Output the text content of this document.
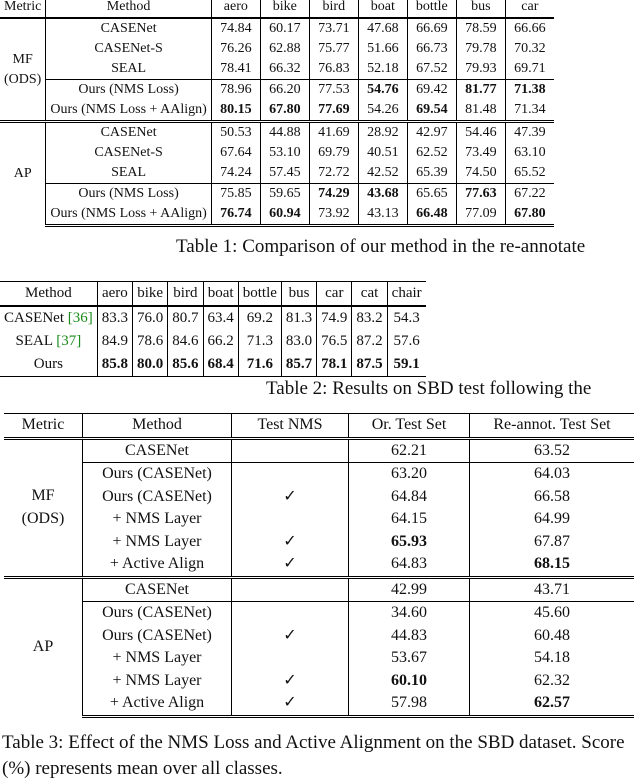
Metric	Method	aero	bike	bird	boat	bottle	bus	car

MF
(ODS)	CASENet	74.84	60.17	73.71	47.68	66.69	78.59	66.66
	CASENet-S	76.26	62.88	75.77	51.66	66.73	79.78	70.32
	SEAL	78.41	66.32	76.83	52.18	67.52	79.93	69.71
	Ours (NMS Loss)	78.96	66.20	77.53	54.76	69.42	81.77	71.38
	Ours (NMS Loss + AAlign)	80.15	67.80	77.69	54.26	69.54	81.48	71.34

AP	CASENet	50.53	44.88	41.69	28.92	42.97	54.46	47.39
	CASENet-S	67.64	53.10	69.79	40.51	62.52	73.49	63.10
	SEAL	74.24	57.45	72.72	42.52	65.39	74.50	65.52
	Ours (NMS Loss)	75.85	59.65	74.29	43.68	65.65	77.63	67.22
	Ours (NMS Loss + AAlign)	76.74	60.94	73.92	43.13	66.48	77.09	67.80
Table 1: Comparison of our method in the re-annotate
Method	aero	bike	bird	boat	bottle	bus	car	cat	chair
CASENet [36]	83.3	76.0	80.7	63.4	69.2	81.3	74.9	83.2	54.3
SEAL [37]	84.9	78.6	84.6	66.2	71.3	83.0	76.5	87.2	57.6
Ours	85.8	80.0	85.6	68.4	71.6	85.7	78.1	87.5	59.1
Table 2: Results on SBD test following the
Metric	Method	Test NMS	Or. Test Set	Re-annot. Test Set

MF
(ODS)	CASENet		62.21	63.52
	Ours (CASENet)		63.20	64.03
	Ours (CASENet)	✓	64.84	66.58
	+ NMS Layer		64.15	64.99
	+ NMS Layer	✓	65.93	67.87
	+ Active Align	✓	64.83	68.15

AP	CASENet		42.99	43.71
	Ours (CASENet)		34.60	45.60
	Ours (CASENet)	✓	44.83	60.48
	+ NMS Layer		53.67	54.18
	+ NMS Layer	✓	60.10	62.32
	+ Active Align	✓	57.98	62.57
Table 3: Effect of the NMS Loss and Active Alignment on the SBD dataset. Score (%) represents mean over all classes.
